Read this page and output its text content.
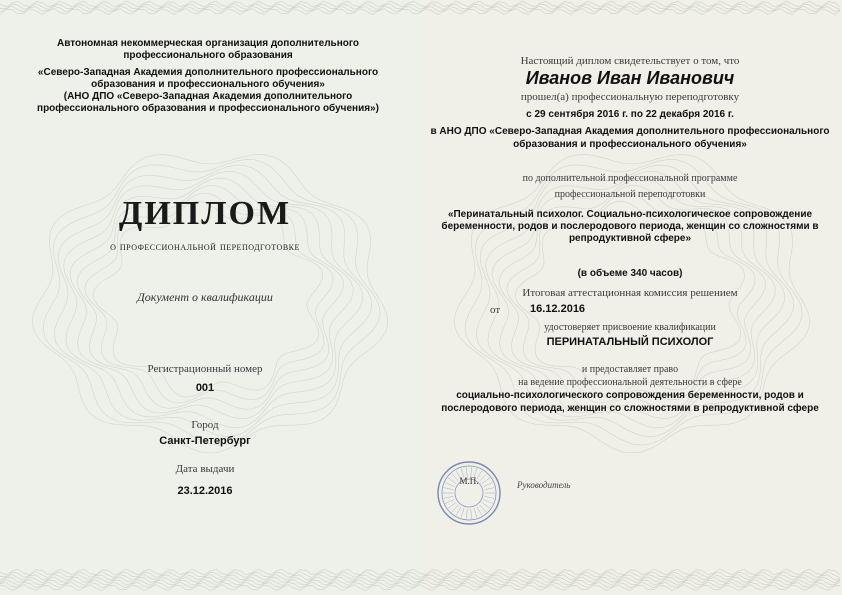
Автономная некоммерческая организация дополнительного профессионального образования
«Северо-Западная Академия дополнительного профессионального образования и профессионального обучения»
(АНО ДПО «Северо-Западная Академия дополнительного профессионального образования и профессионального обучения»)
ДИПЛОМ
о профессиональной переподготовке
Документ о квалификации
Регистрационный номер
001
Город
Санкт-Петербург
Дата выдачи
23.12.2016
Настоящий диплом свидетельствует о том, что
Иванов Иван Иванович
прошел(а) профессиональную переподготовку
с 29 сентября 2016 г. по 22 декабря 2016 г.
в АНО ДПО «Северо-Западная Академия дополнительного профессионального образования и профессионального обучения»
по дополнительной профессиональной программе
профессиональной переподготовки
«Перинатальный психолог. Социально-психологическое сопровождение беременности, родов и послеродового периода, женщин со сложностями в репродуктивной сфере»
(в объеме 340 часов)
Итоговая аттестационная комиссия решением
от	16.12.2016
удостоверяет присвоение квалификации
ПЕРИНАТАЛЬНЫЙ ПСИХОЛОГ
и предоставляет право
на ведение профессиональной деятельности в сфере
социально-психологического сопровождения беременности, родов и послеродового периода, женщин со сложностями в репродуктивной сфере
Руководитель
М.П.
